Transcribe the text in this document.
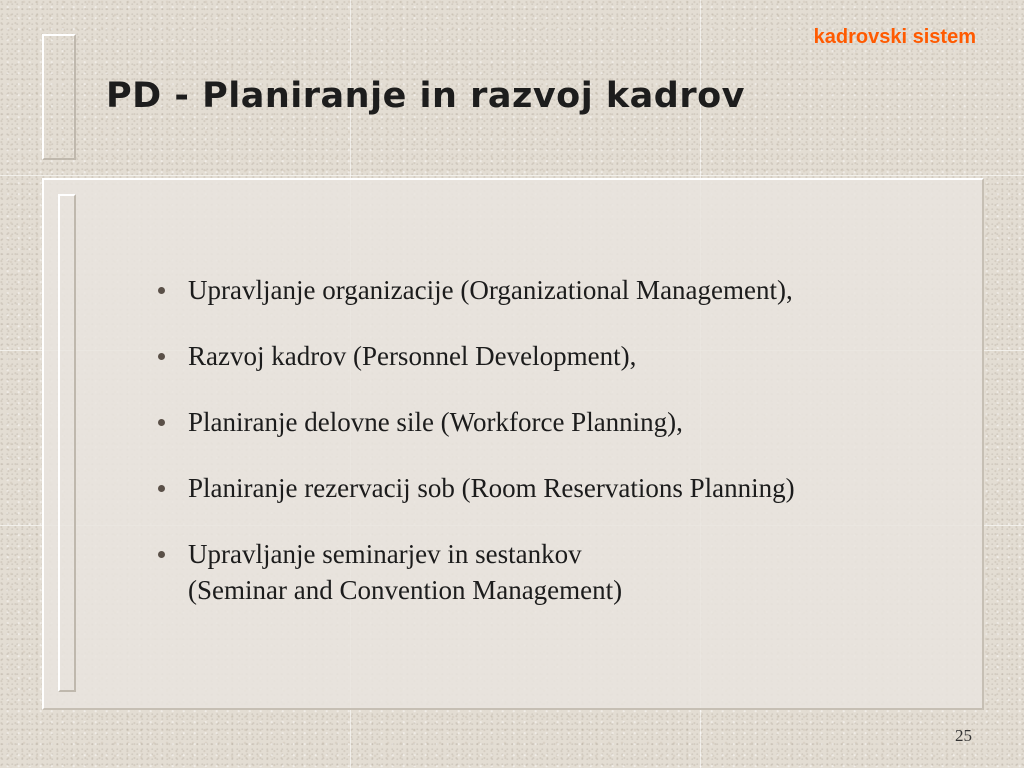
kadrovski sistem
PD - Planiranje in razvoj kadrov
Upravljanje organizacije (Organizational Management),
Razvoj kadrov (Personnel Development),
Planiranje delovne sile (Workforce Planning),
Planiranje rezervacij sob (Room Reservations Planning)
Upravljanje seminarjev in sestankov
(Seminar and Convention Management)
25
